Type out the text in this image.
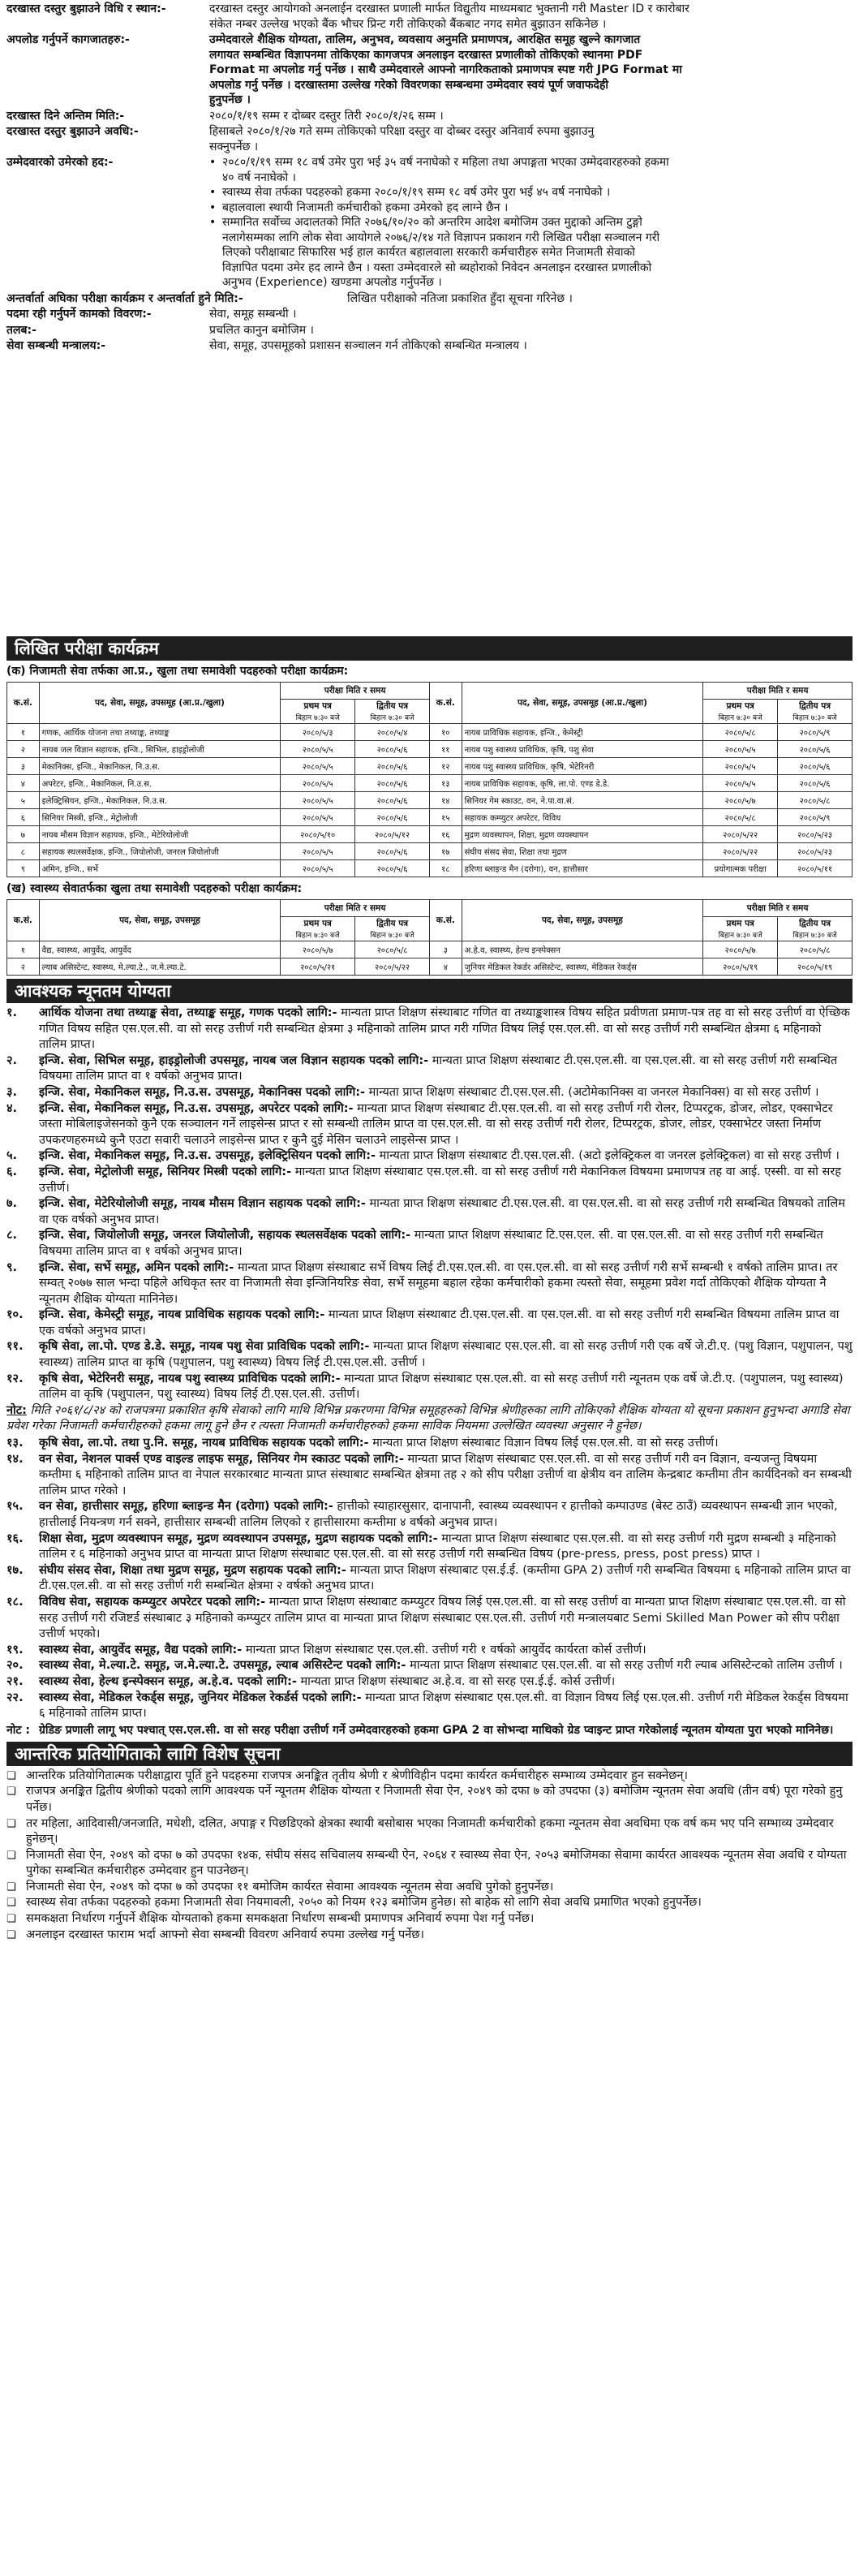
दरखास्त दस्तुर बुझाउने विधि र स्थान:-	दरखास्त दस्तुर आयोगको अनलाईन दरखास्त प्रणाली मार्फत विद्युतीय माध्यमबाट भुक्तानी गरी Master ID र कारोबार
संकेत नम्बर उल्लेख भएको बैंक भौचर प्रिन्ट गरी तोकिएको बैंकबाट नगद समेत बुझाउन सकिनेछ ।
अपलोड गर्नुपर्ने कागजातहरु:-	उम्मेदवारले शैक्षिक योग्यता, तालिम, अनुभव, व्यवसाय अनुमति प्रमाणपत्र, आरक्षित समूह खुल्ने कागजात
लगायत सम्बन्धित विज्ञापनमा तोकिएका कागजपत्र अनलाइन दरखास्त प्रणालीको तोकिएको स्थानमा PDF
Format मा अपलोड गर्नु पर्नेछ । साथै उम्मेदवारले आफ्नो नागरिकताको प्रमाणपत्र स्पष्ट गरी JPG Format मा
अपलोड गर्नु पर्नेछ । दरखास्तमा उल्लेख गरेको विवरणका सम्बन्धमा उम्मेदवार स्वयं पूर्ण जवाफदेही
हुनुपर्नेछ ।
दरखास्त दिने अन्तिम मिति:-	२०८०/१/१९ सम्म र दोब्बर दस्तुर तिरी २०८०/१/२६ सम्म ।
दरखास्त दस्तुर बुझाउने अवधि:-	हिसाबले २०८०/१/२७ गते सम्म तोकिएको परिक्षा दस्तुर वा दोब्बर दस्तुर अनिवार्य रुपमा बुझाउनु
सक्नुपर्नेछ ।
उम्मेदवारको उमेरको हद:-	• २०८०/१/१९ सम्म १८ वर्ष उमेर पुरा भई ३५ वर्ष ननाघेको र महिला तथा अपाङ्गता भएका उम्मेदवारहरुको हकमा
४० वर्ष ननाघेको ।
• स्वास्थ्य सेवा तर्फका पदहरुको हकमा २०८०/१/१९ सम्म १८ वर्ष उमेर पुरा भई ४५ वर्ष ननाघेको ।
• बहालवाला स्थायी निजामती कर्मचारीको हकमा उमेरको हद लाग्ने छैन ।
• सम्मानित सर्वोच्च अदालतको मिति २०७६/१०/२० को अन्तरिम आदेश बमोजिम उक्त मुद्दाको अन्तिम टुङ्गो
नलागेसम्मका लागि लोक सेवा आयोगले २०७६/२/१४ गते विज्ञापन प्रकाशन गरी लिखित परीक्षा सञ्चालन गरी
लिएको परीक्षाबाट सिफारिस भई हाल कार्यरत बहालवाला सरकारी कर्मचारीहरु समेत निजामती सेवाको
विज्ञापित पदमा उमेर हद लाग्ने छैन । यस्ता उम्मेदवारले सो ब्यहोराको निवेदन अनलाइन दरखास्त प्रणालीको
अनुभव (Experience) खण्डमा अपलोड गर्नुपर्नेछ ।
अन्तर्वार्ता अघिका परीक्षा कार्यक्रम र अन्तर्वार्ता हुने मिति:-	लिखित परीक्षाको नतिजा प्रकाशित हुँदा सूचना गरिनेछ ।
पदमा रही गर्नुपर्ने कामको विवरण:-	सेवा, समूह सम्बन्धी ।
तलब:-	प्रचलित कानुन बमोजिम ।
सेवा सम्बन्धी मन्त्रालय:-	सेवा, समूह, उपसमूहको प्रशासन सञ्चालन गर्न तोकिएको सम्बन्धित मन्त्रालय ।
लिखित परीक्षा कार्यक्रम
(क) निजामती सेवा तर्फका आ.प्र., खुला तथा समावेशी पदहरुको परीक्षा कार्यक्रम:
क.सं.	पद, सेवा, समूह, उपसमूह (आ.प्र./खुला)	परीक्षा मिति र समय		क.सं.	पद, सेवा, समूह, उपसमूह (आ.प्र./खुला)	परीक्षा मिति र समय	
		प्रथम पत्र
बिहान ७:३० बजे	द्वितीय पत्र
बिहान ७:३० बजे			प्रथम पत्र
बिहान ७:३० बजे	द्वितीय पत्र
बिहान ७:३० बजे
१	गणक, आर्थिक योजना तथा तथ्याङ्क, तथ्याङ्क	२०८०/५/३	२०८०/५/४	१०	नायब प्राविधिक सहायक, इन्जि., केमेस्ट्री	२०८०/५/८	२०८०/५/९
२	नायब जल विज्ञान सहायक, इन्जि., सिभिल, हाइड्रोलोजी	२०८०/५/५	२०८०/५/६	११	नायब पशु स्वास्थ्य प्राविधिक, कृषि, पशु सेवा	२०८०/५/५	२०८०/५/६
३	मेकानिक्स, इन्जि., मेकानिकल, नि.उ.स.	२०८०/५/५	२०८०/५/६	१२	नायब पशु स्वास्थ्य प्राविधिक, कृषि, भेटेरिनरी	२०८०/५/५	२०८०/५/६
४	अपरेटर, इन्जि., मेकानिकल, नि.उ.स.	२०८०/५/५	२०८०/५/६	१३	नायब प्राविधिक सहायक, कृषि, ला.पो. एण्ड डे.डे.	२०८०/५/५	२०८०/५/६
५	इलेक्ट्रिसियन, इन्जि., मेकानिकल, नि.उ.स.	२०८०/५/५	२०८०/५/६	१४	सिनियर गेम स्काउट, वन, ने.पा.वा.सं.	२०८०/५/७	२०८०/५/८
६	सिनियर मिस्त्री, इन्जि., मेट्रोलोजी	२०८०/५/५	२०८०/५/६	१५	सहायक कम्प्युटर अपरेटर, विविध	२०८०/५/८	२०८०/५/९
७	नायब मौसम विज्ञान सहायक, इन्जि., मेटेरियोलोजी	२०८०/५/१०	२०८०/५/१२	१६	मुद्रण व्यवस्थापन, शिक्षा, मुद्रण व्यवस्थापन	२०८०/५/२२	२०८०/५/२३
८	सहायक स्थलसर्वेक्षक, इन्जि., जियोलोजी, जनरल जियोलोजी	२०८०/५/५	२०८०/५/६	१७	संघीय संसद सेवा, शिक्षा तथा मुद्रण	२०८०/५/२२	२०८०/५/२३
९	अमिन, इन्जि., सर्भे	२०८०/५/५	२०८०/५/६	१८	हरिणा ब्लाइन्ड मैन (दरोगा), वन, हात्तीसार	प्रयोगात्मक परीक्षा	२०८०/५/११
(ख) स्वास्थ्य सेवातर्फका खुला तथा समावेशी पदहरुको परीक्षा कार्यक्रम:
क.सं.	पद, सेवा, समूह, उपसमूह	परीक्षा मिति र समय		क.सं.	पद, सेवा, समूह, उपसमूह	परीक्षा मिति र समय	
		प्रथम पत्र
बिहान ७:३० बजे	द्वितीय पत्र
बिहान ७:३० बजे			प्रथम पत्र
बिहान ७:३० बजे	द्वितीय पत्र
बिहान ७:३० बजे
१	वैद्य, स्वास्थ्य, आयुर्वेद, आयुर्वेद	२०८०/५/७	२०८०/५/८	३	अ.हे.व, स्वास्थ्य, हेल्थ इन्स्पेक्सन	२०८०/५/७	२०८०/५/८
२	ल्याब असिस्टेन्ट, स्वास्थ्य, मे.ल्या.टे., ज.मे.ल्या.टे.	२०८०/५/२१	२०८०/५/२२	४	जुनियर मेडिकल रेकर्डर असिस्टेन्ट, स्वास्थ्य, मेडिकल रेकर्ड्स	२०८०/५/१९	२०८०/५/१९
आवश्यक न्यूनतम योग्यता
१.	आर्थिक योजना तथा तथ्याङ्क सेवा, तथ्याङ्क समूह, गणक पदको लागि:- मान्यता प्राप्त शिक्षण संस्थाबाट गणित वा तथ्याङ्कशास्त्र विषय सहित प्रवीणता प्रमाण-पत्र तह वा सो सरह उत्तीर्ण वा ऐच्छिक गणित विषय सहित एस.एल.सी. वा सो सरह उत्तीर्ण गरी सम्बन्धित क्षेत्रमा ३ महिनाको तालिम प्राप्त गरी गणित विषय लिई एस.एल.सी. वा सो सरह उत्तीर्ण गरी सम्बन्धित क्षेत्रमा ६ महिनाको तालिम प्राप्त।
२.	इन्जि. सेवा, सिभिल समूह, हाइड्रोलोजी उपसमूह, नायब जल विज्ञान सहायक पदको लागि:- मान्यता प्राप्त शिक्षण संस्थाबाट टी.एस.एल.सी. वा एस.एल.सी. वा सो सरह उत्तीर्ण गरी सम्बन्धित विषयमा तालिम प्राप्त वा १ वर्षको अनुभव प्राप्त।
३.	इन्जि. सेवा, मेकानिकल समूह, नि.उ.स. उपसमूह, मेकानिक्स पदको लागि:- मान्यता प्राप्त शिक्षण संस्थाबाट टी.एस.एल.सी. (अटोमेकानिक्स वा जनरल मेकानिक्स) वा सो सरह उत्तीर्ण ।
४.	इन्जि. सेवा, मेकानिकल समूह, नि.उ.स. उपसमूह, अपरेटर पदको लागि:- मान्यता प्राप्त शिक्षण संस्थाबाट टी.एस.एल.सी. वा सो सरह उत्तीर्ण गरी रोलर, टिप्परट्रक, डोजर, लोडर, एक्साभेटर जस्ता मोबिलाइजेसनको कुनै एक सञ्चालन गर्ने लाइसेन्स प्राप्त र सो सम्बन्धी तालिम प्राप्त वा एस.एल.सी. वा सो सरह उत्तीर्ण गरी रोलर, टिप्परट्रक, डोजर, लोडर, एक्साभेटर जस्ता निर्माण उपकरणहरुमध्ये कुनै एउटा सवारी चलाउने लाइसेन्स प्राप्त र कुनै दुई मेसिन चलाउने लाइसेन्स प्राप्त ।
५.	इन्जि. सेवा, मेकानिकल समूह, नि.उ.स. उपसमूह, इलेक्ट्रिसियन पदको लागि:- मान्यता प्राप्त शिक्षण संस्थाबाट टी.एस.एल.सी. (अटो इलेक्ट्रिकल वा जनरल इलेक्ट्रिकल) वा सो सरह उत्तीर्ण ।
६.	इन्जि. सेवा, मेट्रोलोजी समूह, सिनियर मिस्त्री पदको लागि:- मान्यता प्राप्त शिक्षण संस्थाबाट एस.एल.सी. वा सो सरह उत्तीर्ण गरी मेकानिकल विषयमा प्रमाणपत्र तह वा आई. एस्सी. वा सो सरह उत्तीर्ण।
७.	इन्जि. सेवा, मेटेरियोलोजी समूह, नायब मौसम विज्ञान सहायक पदको लागि:- मान्यता प्राप्त शिक्षण संस्थाबाट टी.एस.एल.सी. वा एस.एल.सी. वा सो सरह उत्तीर्ण गरी सम्बन्धित विषयको तालिम वा एक वर्षको अनुभव प्राप्त।
८.	इन्जि. सेवा, जियोलोजी समूह, जनरल जियोलोजी, सहायक स्थलसर्वेक्षक पदको लागि:- मान्यता प्राप्त शिक्षण संस्थाबाट टि.एस.एल. सी. वा एस.एल.सी. वा सो सरह उत्तीर्ण गरी सम्बन्धित विषयमा तालिम प्राप्त वा १ वर्षको अनुभव प्राप्त।
९.	इन्जि. सेवा, सर्भे समूह, अमिन पदको लागि:- मान्यता प्राप्त शिक्षण संस्थाबाट सर्भे विषय लिई टी.एस.एल.सी. वा एस.एल.सी. वा सो सरह उत्तीर्ण गरी सर्भे सम्बन्धी १ वर्षको तालिम प्राप्त। तर सम्वत् २०७७ साल भन्दा पहिले अधिकृत स्तर वा निजामती सेवा इन्जिनियरिङ सेवा, सर्भे समूहमा बहाल रहेका कर्मचारीको हकमा त्यस्तो सेवा, समूहमा प्रवेश गर्दा तोकिएको शैक्षिक योग्यता नै न्यूनतम शैक्षिक योग्यता मानिनेछ।
१०.	इन्जि. सेवा, केमेस्ट्री समूह, नायब प्राविधिक सहायक पदको लागि:- मान्यता प्राप्त शिक्षण संस्थाबाट टी.एस.एल.सी. वा एस.एल.सी. वा सो सरह उत्तीर्ण गरी सम्बन्धित विषयमा तालिम प्राप्त वा एक वर्षको अनुभव प्राप्त।
११.	कृषि सेवा, ला.पो. एण्ड डे.डे. समूह, नायब पशु सेवा प्राविधिक पदको लागि:- मान्यता प्राप्त शिक्षण संस्थाबाट एस.एल.सी. वा सो सरह उत्तीर्ण गरी एक वर्षे जे.टी.ए. (पशु विज्ञान, पशुपालन, पशु स्वास्थ्य) तालिम प्राप्त वा कृषि (पशुपालन, पशु स्वास्थ्य) विषय लिई टी.एस.एल.सी. उत्तीर्ण ।
१२.	कृषि सेवा, भेटेरिनरी समूह, नायब पशु स्वास्थ्य प्राविधिक पदको लागि:- मान्यता प्राप्त शिक्षण संस्थाबाट एस.एल.सी. वा सो सरह उत्तीर्ण गरी न्यूनतम एक वर्षे जे.टी.ए. (पशुपालन, पशु स्वास्थ्य) तालिम वा कृषि (पशुपालन, पशु स्वास्थ्य) विषय लिई टी.एस.एल.सी. उत्तीर्ण।
नोट: मिति २०६१/८/२४ को राजपत्रमा प्रकाशित कृषि सेवाको लागि माथि विभिन्न प्रकरणमा विभिन्न समूहहरुको विभिन्न श्रेणीहरुका लागि तोकिएको शैक्षिक योग्यता यो सूचना प्रकाशन हुनुभन्दा अगाडि सेवा प्रवेश गरेका निजामती कर्मचारीहरुको हकमा लागू हुने छैन र त्यस्ता निजामती कर्मचारीहरुको हकमा साविक नियममा उल्लेखित व्यवस्था अनुसार नै हुनेछ।
१३.	कृषि सेवा, ला.पो. तथा पु.नि. समूह, नायब प्राविधिक सहायक पदको लागि:- मान्यता प्राप्त शिक्षण संस्थाबाट विज्ञान विषय लिई एस.एल.सी. वा सो सरह उत्तीर्ण।
१४.	वन सेवा, नेशनल पार्क्स एण्ड वाइल्ड लाइफ समूह, सिनियर गेम स्काउट पदको लागि:- मान्यता प्राप्त शिक्षण संस्थाबाट एस.एल.सी. वा सो सरह उत्तीर्ण गरी वन विज्ञान, वन्यजन्तु विषयमा कम्तीमा ६ महिनाको तालिम प्राप्त वा नेपाल सरकारबाट मान्यता प्राप्त संस्थाबाट सम्बन्धित क्षेत्रमा तह २ को सीप परीक्षा उत्तीर्ण वा क्षेत्रीय वन तालिम केन्द्रबाट कम्तीमा तीन कार्यदिनको वन सम्बन्धी तालिम प्राप्त गरेको ।
१५.	वन सेवा, हात्तीसार समूह, हरिणा ब्लाइन्ड मैन (दरोगा) पदको लागि:- हात्तीको स्याहारसुसार, दानापानी, स्वास्थ्य व्यवस्थापन र हात्तीको कम्पाउण्ड (बेस्ट ठाउँ) व्यवस्थापन सम्बन्धी ज्ञान भएको, हात्तीलाई नियन्त्रण गर्न सक्ने, हात्तीसार सम्बन्धी तालिम लिएको र हात्तीसारमा कम्तीमा ४ वर्षको अनुभव प्राप्त।
१६.	शिक्षा सेवा, मुद्रण व्यवस्थापन समूह, मुद्रण व्यवस्थापन उपसमूह, मुद्रण सहायक पदको लागि:- मान्यता प्राप्त शिक्षण संस्थाबाट एस.एल.सी. वा सो सरह उत्तीर्ण गरी मुद्रण सम्बन्धी ३ महिनाको तालिम र ६ महिनाको अनुभव प्राप्त वा मान्यता प्राप्त शिक्षण संस्थाबाट एस.एल.सी. वा सो सरह उत्तीर्ण गरी सम्बन्धित विषय (pre-press, press, post press) प्राप्त ।
१७.	संघीय संसद सेवा, शिक्षा तथा मुद्रण समूह, मुद्रण सहायक पदको लागि:- मान्यता प्राप्त शिक्षण संस्थाबाट एस.ई.ई. (कम्तीमा GPA 2) उत्तीर्ण गरी सम्बन्धित विषयमा ६ महिनाको तालिम प्राप्त वा टी.एस.एल.सी. वा सो सरह उत्तीर्ण गरी सम्बन्धित क्षेत्रमा २ वर्षको अनुभव प्राप्त।
१८.	विविध सेवा, सहायक कम्प्युटर अपरेटर पदको लागि:- मान्यता प्राप्त शिक्षण संस्थाबाट कम्प्युटर विषय लिई एस.एल.सी. वा सो सरह उत्तीर्ण वा मान्यता प्राप्त शिक्षण संस्थाबाट एस.एल.सी. वा सो सरह उत्तीर्ण गरी रजिष्टर्ड संस्थाबाट ३ महिनाको कम्प्युटर तालिम प्राप्त वा मान्यता प्राप्त शिक्षण संस्थाबाट एस.एल.सी. उत्तीर्ण गरी मन्त्रालयबाट Semi Skilled Man Power को सीप परीक्षा उत्तीर्ण भएको।
१९.	स्वास्थ्य सेवा, आयुर्वेद समूह, वैद्य पदको लागि:- मान्यता प्राप्त शिक्षण संस्थाबाट एस.एल.सी. उत्तीर्ण गरी १ वर्षको आयुर्वेद कार्यरता कोर्स उत्तीर्ण।
२०.	स्वास्थ्य सेवा, मे.ल्या.टे. समूह, ज.मे.ल्या.टे. उपसमूह, ल्याब असिस्टेन्ट पदको लागि:- मान्यता प्राप्त शिक्षण संस्थाबाट एस.एल.सी. वा सो सरह उत्तीर्ण गरी ल्याब असिस्टेन्टको तालिम उत्तीर्ण ।
२१.	स्वास्थ्य सेवा, हेल्थ इन्स्पेक्सन समूह, अ.हे.व. पदको लागि:- मान्यता प्राप्त शिक्षण संस्थाबाट अ.हे.व. वा सो सरह एस.ई.ई. कोर्स उत्तीर्ण।
२२.	स्वास्थ्य सेवा, मेडिकल रेकर्ड्स समूह, जुनियर मेडिकल रेकर्डर्स पदको लागि:- मान्यता प्राप्त शिक्षण संस्थाबाट एस.एल.सी. वा विज्ञान विषय लिई एस.एल.सी. उत्तीर्ण गरी मेडिकल रेकर्ड्स विषयमा ६ महिनाको तालिम प्राप्त।
नोट : ग्रेडिङ प्रणाली लागू भए पश्चात् एस.एल.सी. वा सो सरह परीक्षा उत्तीर्ण गर्ने उम्मेदवारहरुको हकमा GPA 2 वा सोभन्दा माथिको ग्रेड प्वाइन्ट प्राप्त गरेकोलाई न्यूनतम योग्यता पुरा भएको मानिनेछ।
आन्तरिक प्रतियोगिताको लागि विशेष सूचना
❏ आन्तरिक प्रतियोगितात्मक परीक्षाद्वारा पूर्ति हुने पदहरुमा राजपत्र अनङ्कित तृतीय श्रेणी र श्रेणीविहीन पदमा कार्यरत कर्मचारीहरु सम्भाव्य उम्मेदवार हुन सक्नेछन्।
❏ राजपत्र अनङ्कित द्वितीय श्रेणीको पदको लागि आवश्यक पर्ने न्यूनतम शैक्षिक योग्यता र निजामती सेवा ऐन, २०४९ को दफा ७ को उपदफा (३) बमोजिम न्यूनतम सेवा अवधि (तीन वर्ष) पूरा गरेको हुनु पर्नेछ।
❏ तर महिला, आदिवासी/जनजाति, मधेशी, दलित, अपाङ्ग र पिछडिएको क्षेत्रका स्थायी बसोबास भएका निजामती कर्मचारीको हकमा न्यूनतम सेवा अवधिमा एक वर्ष कम भए पनि सम्भाव्य उम्मेदवार हुनेछन्।
❏ निजामती सेवा ऐन, २०४९ को दफा ७ को उपदफा १४क, संघीय संसद सचिवालय सम्बन्धी ऐन, २०६४ र स्वास्थ्य सेवा ऐन, २०५३ बमोजिमका सेवामा कार्यरत आवश्यक न्यूनतम सेवा अवधि र योग्यता पुगेका सम्बन्धित कर्मचारीहरु उम्मेदवार हुन पाउनेछन्।
❏ निजामती सेवा ऐन, २०४९ को दफा ७ को उपदफा ११ बमोजिम कार्यरत सेवामा आवश्यक न्यूनतम सेवा अवधि पुगेको हुनुपर्नेछ।
❏ स्वास्थ्य सेवा तर्फका पदहरुको हकमा निजामती सेवा नियमावली, २०५० को नियम १२३ बमोजिम हुनेछ। सो बाहेक सो लागि सेवा अवधि प्रमाणित भएको हुनुपर्नेछ।
❏ समकक्षता निर्धारण गर्नुपर्ने शैक्षिक योग्यताको हकमा समकक्षता निर्धारण सम्बन्धी प्रमाणपत्र अनिवार्य रुपमा पेश गर्नु पर्नेछ।
❏ अनलाइन दरखास्त फाराम भर्दा आफ्नो सेवा सम्बन्धी विवरण अनिवार्य रुपमा उल्लेख गर्नु पर्नेछ।
